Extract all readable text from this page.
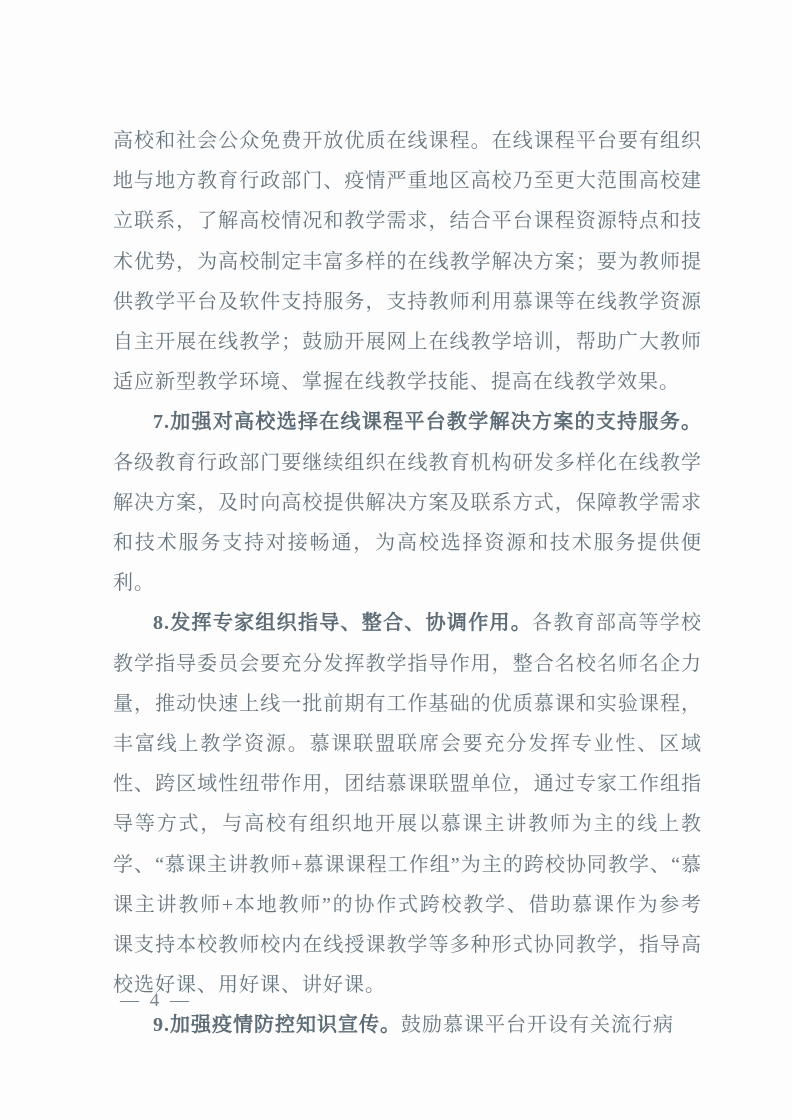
高校和社会公众免费开放优质在线课程。在线课程平台要有组织地与地方教育行政部门、疫情严重地区高校乃至更大范围高校建立联系，了解高校情况和教学需求，结合平台课程资源特点和技术优势，为高校制定丰富多样的在线教学解决方案；要为教师提供教学平台及软件支持服务，支持教师利用慕课等在线教学资源自主开展在线教学；鼓励开展网上在线教学培训，帮助广大教师适应新型教学环境、掌握在线教学技能、提高在线教学效果。

7.加强对高校选择在线课程平台教学解决方案的支持服务。各级教育行政部门要继续组织在线教育机构研发多样化在线教学解决方案，及时向高校提供解决方案及联系方式，保障教学需求和技术服务支持对接畅通，为高校选择资源和技术服务提供便利。

8.发挥专家组织指导、整合、协调作用。各教育部高等学校教学指导委员会要充分发挥教学指导作用，整合名校名师名企力量，推动快速上线一批前期有工作基础的优质慕课和实验课程，丰富线上教学资源。慕课联盟联席会要充分发挥专业性、区域性、跨区域性纽带作用，团结慕课联盟单位，通过专家工作组指导等方式，与高校有组织地开展以慕课主讲教师为主的线上教学、“慕课主讲教师+慕课课程工作组”为主的跨校协同教学、“慕课主讲教师+本地教师”的协作式跨校教学、借助慕课作为参考课支持本校教师校内在线授课教学等多种形式协同教学，指导高校选好课、用好课、讲好课。

9.加强疫情防控知识宣传。鼓励慕课平台开设有关流行病

— 4 —
